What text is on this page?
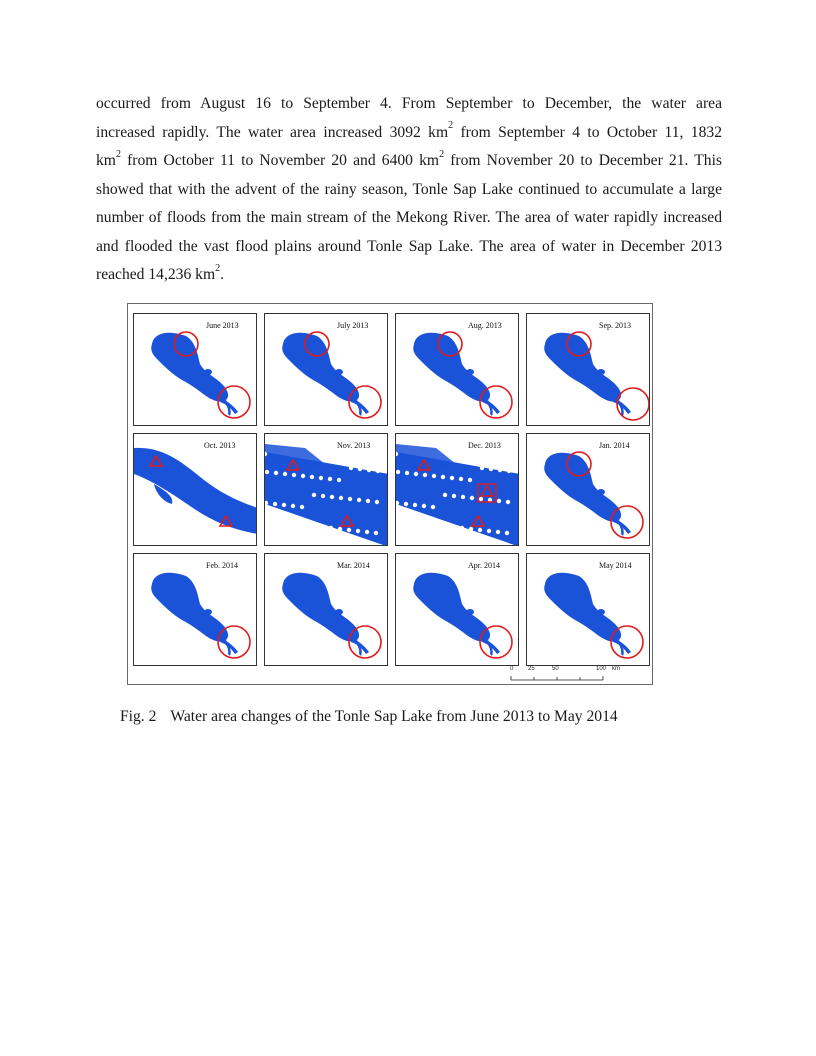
occurred from August 16 to September 4. From September to December, the water area
increased rapidly. The water area increased 3092 $km^2$ from September 4 to October 11, 1832
$km^2$ from October 11 to November 20 and 6400 $km^2$ from November 20 to December 21. This
showed that with the advent of the rainy season, Tonle Sap Lake continued to accumulate a large
number of floods from the main stream of the Mekong River. The area of water rapidly increased
and flooded the vast flood plains around Tonle Sap Lake. The area of water in December 2013
reached 14,236 $km^2$.
June 2013	July 2013	Aug. 2013	Sep. 2013
Oct. 2013	Nov. 2013	Dec. 2013	Jan. 2014
Feb. 2014	Mar. 2014	Apr. 2014	May 2014
0 25	50	100 km
Fig. 2 Water area changes of the Tonle Sap Lake from June 2013 to May 2014
